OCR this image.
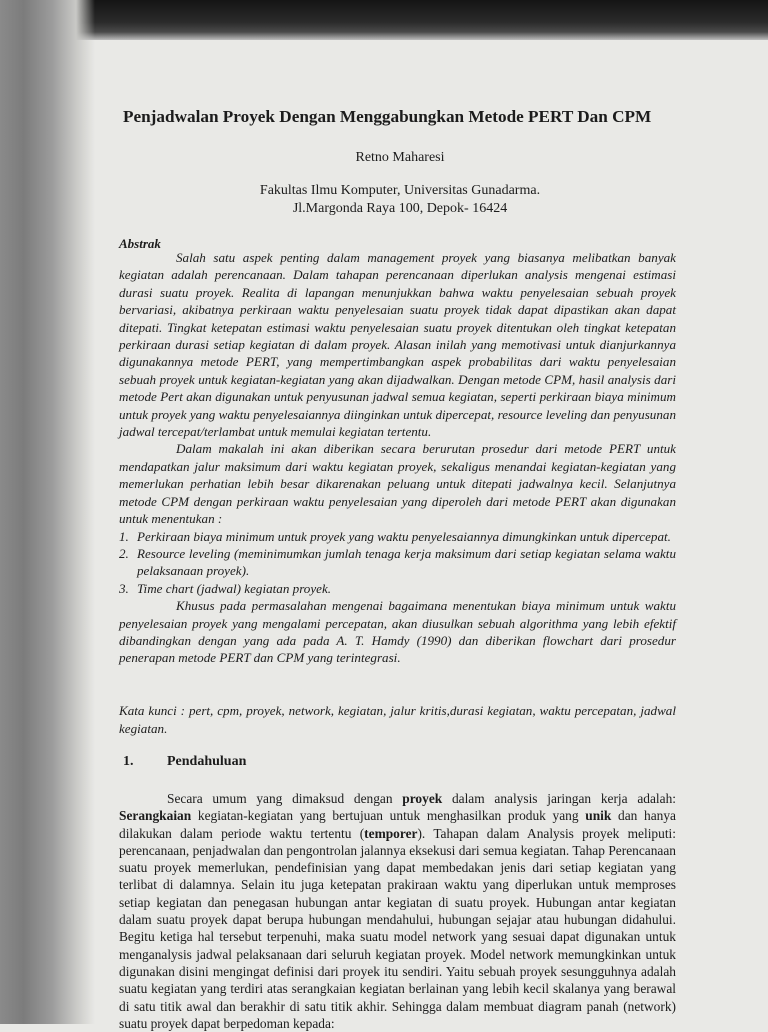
Penjadwalan Proyek Dengan Menggabungkan Metode PERT Dan CPM
Retno Maharesi
Fakultas Ilmu Komputer, Universitas Gunadarma.
Jl.Margonda Raya 100, Depok- 16424
Abstrak

Salah satu aspek penting dalam management proyek yang biasanya melibatkan banyak kegiatan adalah perencanaan. Dalam tahapan perencanaan diperlukan analysis mengenai estimasi durasi suatu proyek. Realita di lapangan menunjukkan bahwa waktu penyelesaian sebuah proyek bervariasi, akibatnya perkiraan waktu penyelesaian suatu proyek tidak dapat dipastikan akan dapat ditepati. Tingkat ketepatan estimasi waktu penyelesaian suatu proyek ditentukan oleh tingkat ketepatan perkiraan durasi setiap kegiatan di dalam proyek. Alasan inilah yang memotivasi untuk dianjurkannya digunakannya metode PERT, yang mempertimbangkan aspek probabilitas dari waktu penyelesaian sebuah proyek untuk kegiatan-kegiatan yang akan dijadwalkan. Dengan metode CPM, hasil analysis dari metode Pert akan digunakan untuk penyusunan jadwal semua kegiatan, seperti perkiraan biaya minimum untuk proyek yang waktu penyelesaiannya diinginkan untuk dipercepat, resource leveling dan penyusunan jadwal tercepat/terlambat untuk memulai kegiatan tertentu.

Dalam makalah ini akan diberikan secara berurutan prosedur dari metode PERT untuk mendapatkan jalur maksimum dari waktu kegiatan proyek, sekaligus menandai kegiatan-kegiatan yang memerlukan perhatian lebih besar dikarenakan peluang untuk ditepati jadwalnya kecil. Selanjutnya metode CPM dengan perkiraan waktu penyelesaian yang diperoleh dari metode PERT akan digunakan untuk menentukan :

1. Perkiraan biaya minimum untuk proyek yang waktu penyelesaiannya dimungkinkan untuk dipercepat.
2. Resource leveling (meminimumkan jumlah tenaga kerja maksimum dari setiap kegiatan selama waktu pelaksanaan proyek).
3. Time chart (jadwal) kegiatan proyek.

Khusus pada permasalahan mengenai bagaimana menentukan biaya minimum untuk waktu penyelesaian proyek yang mengalami percepatan, akan diusulkan sebuah algorithma yang lebih efektif dibandingkan dengan yang ada pada A. T. Hamdy (1990) dan diberikan flowchart dari prosedur penerapan metode PERT dan CPM yang terintegrasi.

Kata kunci : pert, cpm, proyek, network, kegiatan, jalur kritis,durasi kegiatan, waktu percepatan, jadwal kegiatan.
1. Pendahuluan

Secara umum yang dimaksud dengan proyek dalam analysis jaringan kerja adalah: Serangkaian kegiatan-kegiatan yang bertujuan untuk menghasilkan produk yang unik dan hanya dilakukan dalam periode waktu tertentu (temporer). Tahapan dalam Analysis proyek meliputi: perencanaan, penjadwalan dan pengontrolan jalannya eksekusi dari semua kegiatan. Tahap Perencanaan suatu proyek memerlukan, pendefinisian yang dapat membedakan jenis dari setiap kegiatan yang terlibat di dalamnya. Selain itu juga ketepatan prakiraan waktu yang diperlukan untuk memproses setiap kegiatan dan penegasan hubungan antar kegiatan di suatu proyek. Hubungan antar kegiatan dalam suatu proyek dapat berupa hubungan mendahului, hubungan sejajar atau hubungan didahului. Begitu ketiga hal tersebut terpenuhi, maka suatu model network yang sesuai dapat digunakan untuk menganalysis jadwal pelaksanaan dari seluruh kegiatan proyek. Model network memungkinkan untuk digunakan disini mengingat definisi dari proyek itu sendiri. Yaitu sebuah proyek sesungguhnya adalah suatu kegiatan yang terdiri atas serangkaian kegiatan berlainan yang lebih kecil skalanya yang berawal di satu titik awal dan berakhir di satu titik akhir. Sehingga dalam membuat diagram panah (network) suatu proyek dapat berpedoman kepada:
